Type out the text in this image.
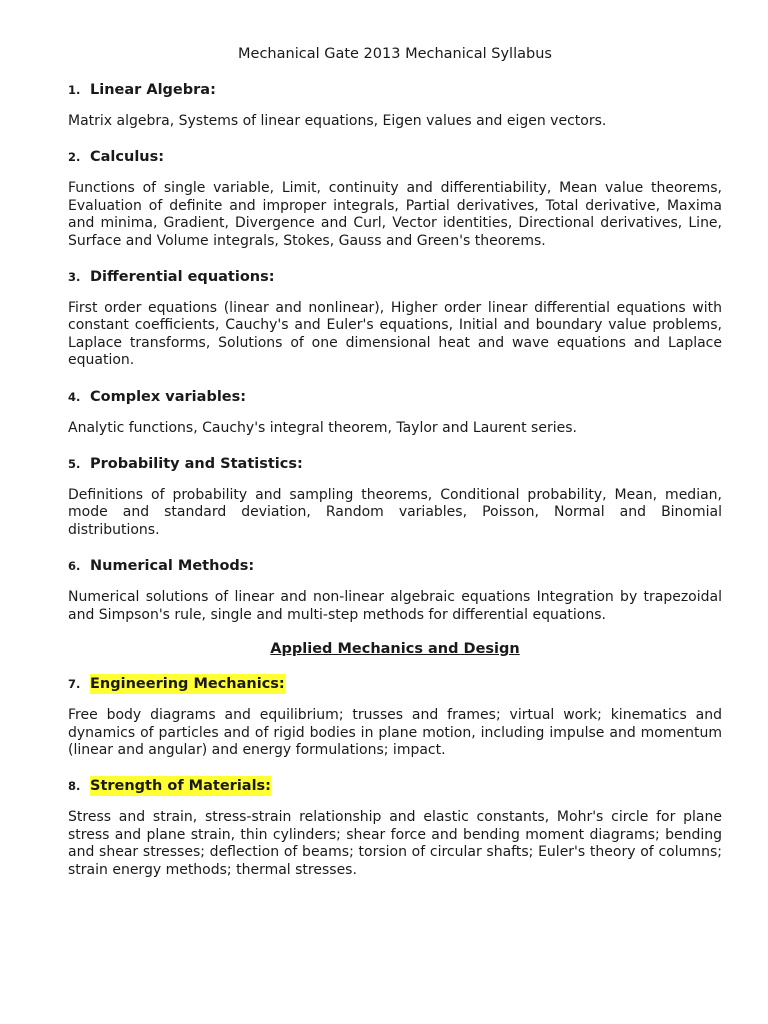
Mechanical Gate 2013 Mechanical Syllabus
1. Linear Algebra:

Matrix algebra, Systems of linear equations, Eigen values and eigen vectors.

2. Calculus:

Functions of single variable, Limit, continuity and differentiability, Mean value theorems, Evaluation of definite and improper integrals, Partial derivatives, Total derivative, Maxima and minima, Gradient, Divergence and Curl, Vector identities, Directional derivatives, Line, Surface and Volume integrals, Stokes, Gauss and Green's theorems.

3. Differential equations:

First order equations (linear and nonlinear), Higher order linear differential equations with constant coefficients, Cauchy's and Euler's equations, Initial and boundary value problems, Laplace transforms, Solutions of one dimensional heat and wave equations and Laplace equation.

4. Complex variables:

Analytic functions, Cauchy's integral theorem, Taylor and Laurent series.

5. Probability and Statistics:

Definitions of probability and sampling theorems, Conditional probability, Mean, median, mode and standard deviation, Random variables, Poisson, Normal and Binomial distributions.

6. Numerical Methods:

Numerical solutions of linear and non-linear algebraic equations Integration by trapezoidal and Simpson's rule, single and multi-step methods for differential equations.

Applied Mechanics and Design
7. Engineering Mechanics:

Free body diagrams and equilibrium; trusses and frames; virtual work; kinematics and dynamics of particles and of rigid bodies in plane motion, including impulse and momentum (linear and angular) and energy formulations; impact.

8. Strength of Materials:

Stress and strain, stress-strain relationship and elastic constants, Mohr's circle for plane stress and plane strain, thin cylinders; shear force and bending moment diagrams; bending and shear stresses; deflection of beams; torsion of circular shafts; Euler's theory of columns; strain energy methods; thermal stresses.
